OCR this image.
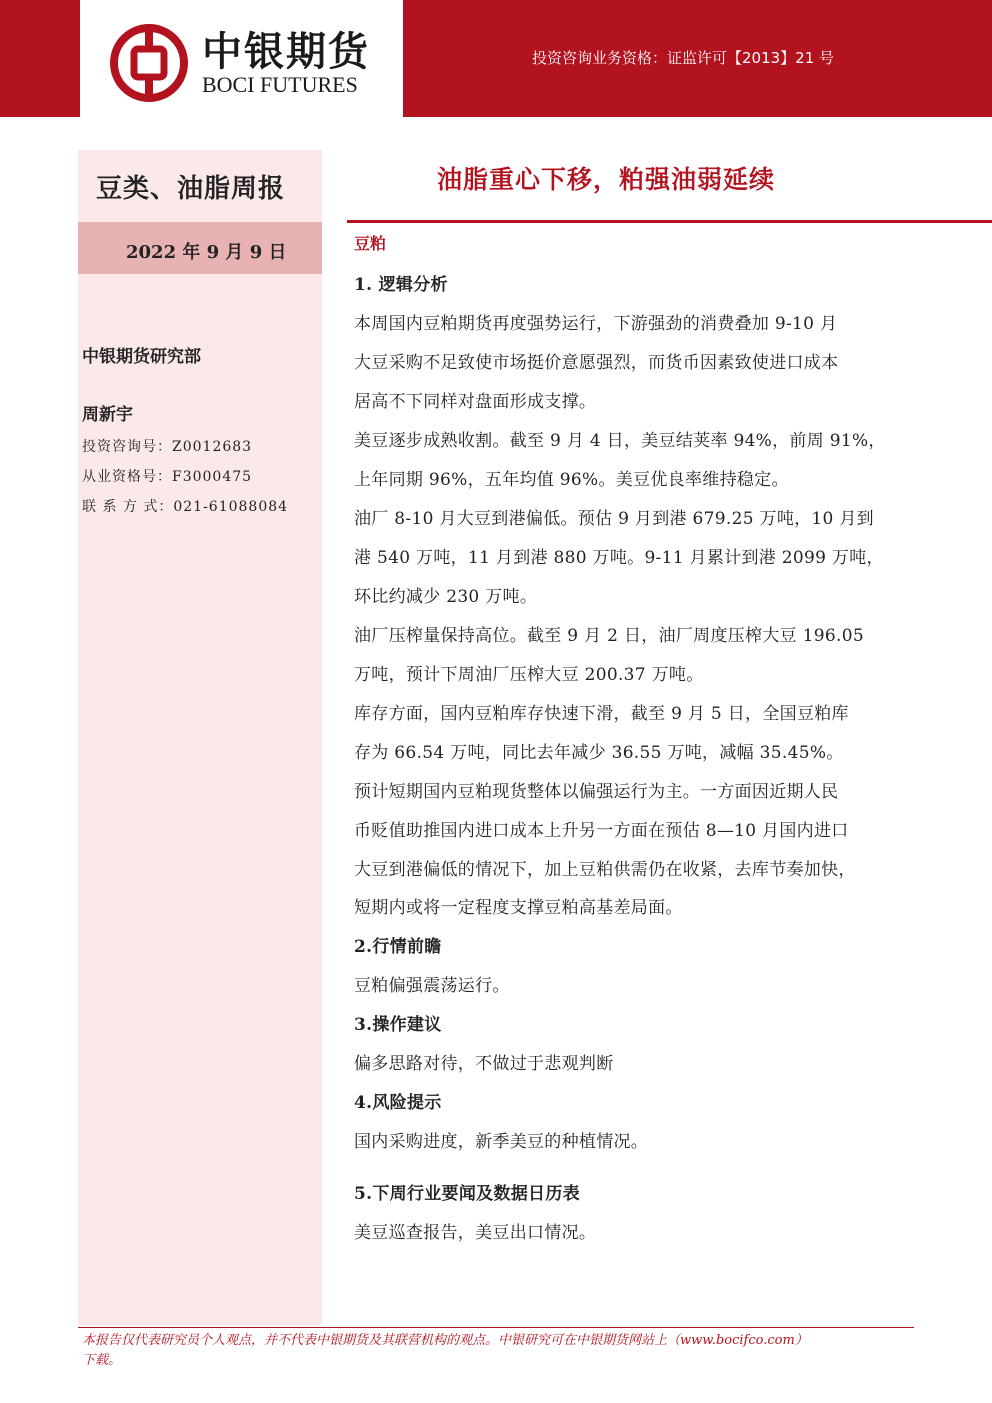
中银期货
BOCI FUTURES
投资咨询业务资格：证监许可【2013】21 号
豆类、油脂周报
2022 年 9 月 9 日
中银期货研究部
周新宇
投资咨询号：Z0012683
从业资格号：F3000475
联 系 方 式：021-61088084
油脂重心下移，粕强油弱延续
豆粕
1. 逻辑分析
本周国内豆粕期货再度强势运行，下游强劲的消费叠加 9-10 月
大豆采购不足致使市场挺价意愿强烈，而货币因素致使进口成本
居高不下同样对盘面形成支撑。
美豆逐步成熟收割。截至 9 月 4 日，美豆结荚率 94%，前周 91%，
上年同期 96%，五年均值 96%。美豆优良率维持稳定。
油厂 8-10 月大豆到港偏低。预估 9 月到港 679.25 万吨，10 月到
港 540 万吨，11 月到港 880 万吨。9-11 月累计到港 2099 万吨，
环比约减少 230 万吨。
油厂压榨量保持高位。截至 9 月 2 日，油厂周度压榨大豆 196.05
万吨，预计下周油厂压榨大豆 200.37 万吨。
库存方面，国内豆粕库存快速下滑，截至 9 月 5 日，全国豆粕库
存为 66.54 万吨，同比去年减少 36.55 万吨，减幅 35.45%。
预计短期国内豆粕现货整体以偏强运行为主。一方面因近期人民
币贬值助推国内进口成本上升另一方面在预估 8—10 月国内进口
大豆到港偏低的情况下，加上豆粕供需仍在收紧，去库节奏加快，
短期内或将一定程度支撑豆粕高基差局面。
2.行情前瞻
豆粕偏强震荡运行。
3.操作建议
偏多思路对待，不做过于悲观判断
4.风险提示
国内采购进度，新季美豆的种植情况。
5.下周行业要闻及数据日历表
美豆巡查报告，美豆出口情况。
本报告仅代表研究员个人观点，并不代表中银期货及其联营机构的观点。中银研究可在中银期货网站上（www.bocifco.com）
下载。
